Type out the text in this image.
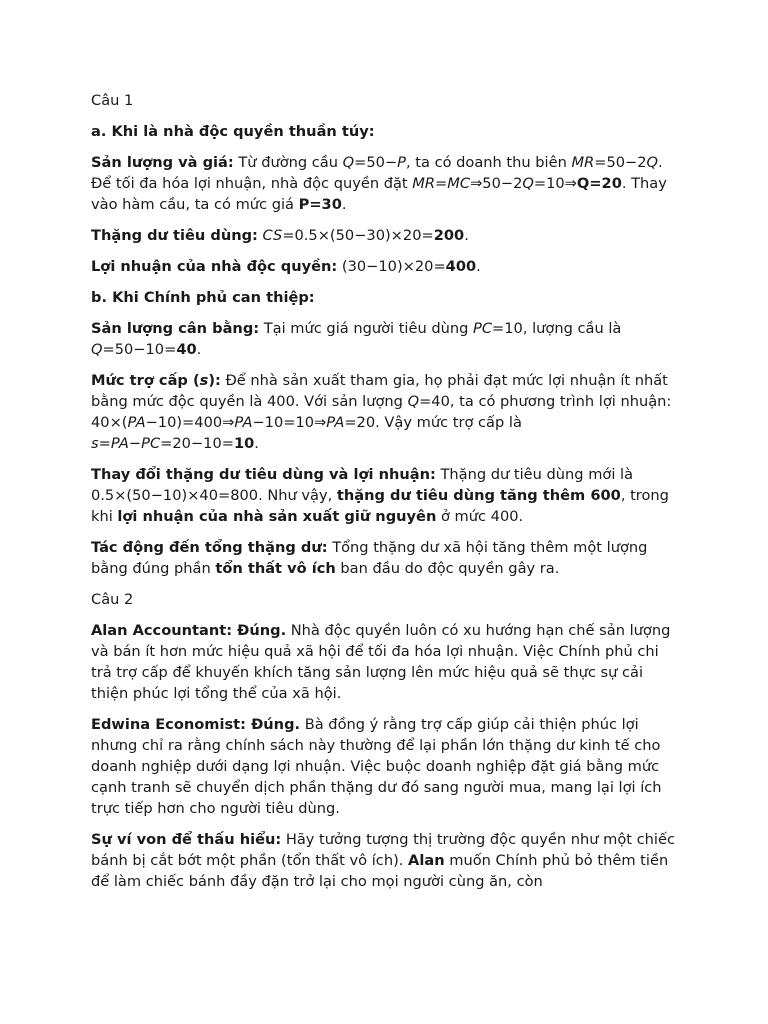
Câu 1

a. Khi là nhà độc quyền thuần túy:

Sản lượng và giá: Từ đường cầu Q=50−P, ta có doanh thu biên MR=50−2Q. Để tối đa hóa lợi nhuận, nhà độc quyền đặt MR=MC⇒50−2Q=10⇒Q=20. Thay vào hàm cầu, ta có mức giá P=30.

Thặng dư tiêu dùng: CS=0.5×(50−30)×20=200.

Lợi nhuận của nhà độc quyền: (30−10)×20=400.

b. Khi Chính phủ can thiệp:

Sản lượng cân bằng: Tại mức giá người tiêu dùng PC=10, lượng cầu là Q=50−10=40.

Mức trợ cấp (s): Để nhà sản xuất tham gia, họ phải đạt mức lợi nhuận ít nhất bằng mức độc quyền là 400. Với sản lượng Q=40, ta có phương trình lợi nhuận: 40×(PA−10)=400⇒PA−10=10⇒PA=20. Vậy mức trợ cấp là s=PA−PC=20−10=10.

Thay đổi thặng dư tiêu dùng và lợi nhuận: Thặng dư tiêu dùng mới là 0.5×(50−10)×40=800. Như vậy, thặng dư tiêu dùng tăng thêm 600, trong khi lợi nhuận của nhà sản xuất giữ nguyên ở mức 400.

Tác động đến tổng thặng dư: Tổng thặng dư xã hội tăng thêm một lượng bằng đúng phần tổn thất vô ích ban đầu do độc quyền gây ra.

Câu 2

Alan Accountant: Đúng. Nhà độc quyền luôn có xu hướng hạn chế sản lượng và bán ít hơn mức hiệu quả xã hội để tối đa hóa lợi nhuận. Việc Chính phủ chi trả trợ cấp để khuyến khích tăng sản lượng lên mức hiệu quả sẽ thực sự cải thiện phúc lợi tổng thể của xã hội.

Edwina Economist: Đúng. Bà đồng ý rằng trợ cấp giúp cải thiện phúc lợi nhưng chỉ ra rằng chính sách này thường để lại phần lớn thặng dư kinh tế cho doanh nghiệp dưới dạng lợi nhuận. Việc buộc doanh nghiệp đặt giá bằng mức cạnh tranh sẽ chuyển dịch phần thặng dư đó sang người mua, mang lại lợi ích trực tiếp hơn cho người tiêu dùng.

Sự ví von để thấu hiểu: Hãy tưởng tượng thị trường độc quyền như một chiếc bánh bị cắt bớt một phần (tổn thất vô ích). Alan muốn Chính phủ bỏ thêm tiền để làm chiếc bánh đầy đặn trở lại cho mọi người cùng ăn, còn
